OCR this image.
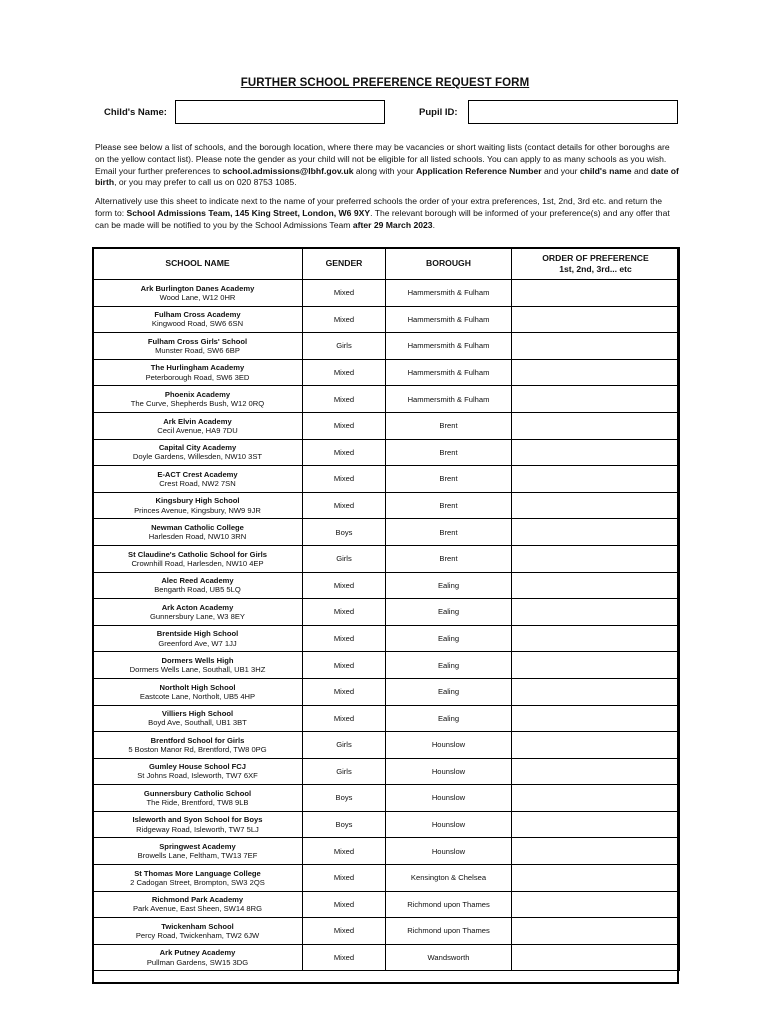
FURTHER SCHOOL PREFERENCE REQUEST FORM
Child's Name:	Pupil ID:
Please see below a list of schools, and the borough location, where there may be vacancies or short waiting lists (contact details for other boroughs are on the yellow contact list). Please note the gender as your child will not be eligible for all listed schools. You can apply to as many schools as you wish. Email your further preferences to school.admissions@lbhf.gov.uk along with your Application Reference Number and your child's name and date of birth, or you may prefer to call us on 020 8753 1085.
Alternatively use this sheet to indicate next to the name of your preferred schools the order of your extra preferences, 1st, 2nd, 3rd etc. and return the form to: School Admissions Team, 145 King Street, London, W6 9XY. The relevant borough will be informed of your preference(s) and any offer that can be made will be notified to you by the School Admissions Team after 29 March 2023.
SCHOOL NAME	GENDER	BOROUGH	ORDER OF PREFERENCE
1st, 2nd, 3rd... etc

Ark Burlington Danes Academy
Wood Lane, W12 0HR	Mixed	Hammersmith & Fulham	

Fulham Cross Academy
Kingwood Road, SW6 6SN	Mixed	Hammersmith & Fulham	

Fulham Cross Girls' School
Munster Road, SW6 6BP	Girls	Hammersmith & Fulham	

The Hurlingham Academy
Peterborough Road, SW6 3ED	Mixed	Hammersmith & Fulham	

Phoenix Academy
The Curve, Shepherds Bush, W12 0RQ	Mixed	Hammersmith & Fulham	

Ark Elvin Academy
Cecil Avenue, HA9 7DU	Mixed	Brent	

Capital City Academy
Doyle Gardens, Willesden, NW10 3ST	Mixed	Brent	

E-ACT Crest Academy
Crest Road, NW2 7SN	Mixed	Brent	

Kingsbury High School
Princes Avenue, Kingsbury, NW9 9JR	Mixed	Brent	

Newman Catholic College
Harlesden Road, NW10 3RN	Boys	Brent	

St Claudine's Catholic School for Girls
Crownhill Road, Harlesden, NW10 4EP	Girls	Brent	

Alec Reed Academy
Bengarth Road, UB5 5LQ	Mixed	Ealing	

Ark Acton Academy
Gunnersbury Lane, W3 8EY	Mixed	Ealing	

Brentside High School
Greenford Ave, W7 1JJ	Mixed	Ealing	

Dormers Wells High
Dormers Wells Lane, Southall, UB1 3HZ	Mixed	Ealing	

Northolt High School
Eastcote Lane, Northolt, UB5 4HP	Mixed	Ealing	

Villiers High School
Boyd Ave, Southall, UB1 3BT	Mixed	Ealing	

Brentford School for Girls
5 Boston Manor Rd, Brentford, TW8 0PG	Girls	Hounslow	

Gumley House School FCJ
St Johns Road, Isleworth, TW7 6XF	Girls	Hounslow	

Gunnersbury Catholic School
The Ride, Brentford, TW8 9LB	Boys	Hounslow	

Isleworth and Syon School for Boys
Ridgeway Road, Isleworth, TW7 5LJ	Boys	Hounslow	

Springwest Academy
Browells Lane, Feltham, TW13 7EF	Mixed	Hounslow	

St Thomas More Language College
2 Cadogan Street, Brompton, SW3 2QS	Mixed	Kensington & Chelsea	

Richmond Park Academy
Park Avenue, East Sheen, SW14 8RG	Mixed	Richmond upon Thames	

Twickenham School
Percy Road, Twickenham, TW2 6JW	Mixed	Richmond upon Thames	

Ark Putney Academy
Pullman Gardens, SW15 3DG	Mixed	Wandsworth	
